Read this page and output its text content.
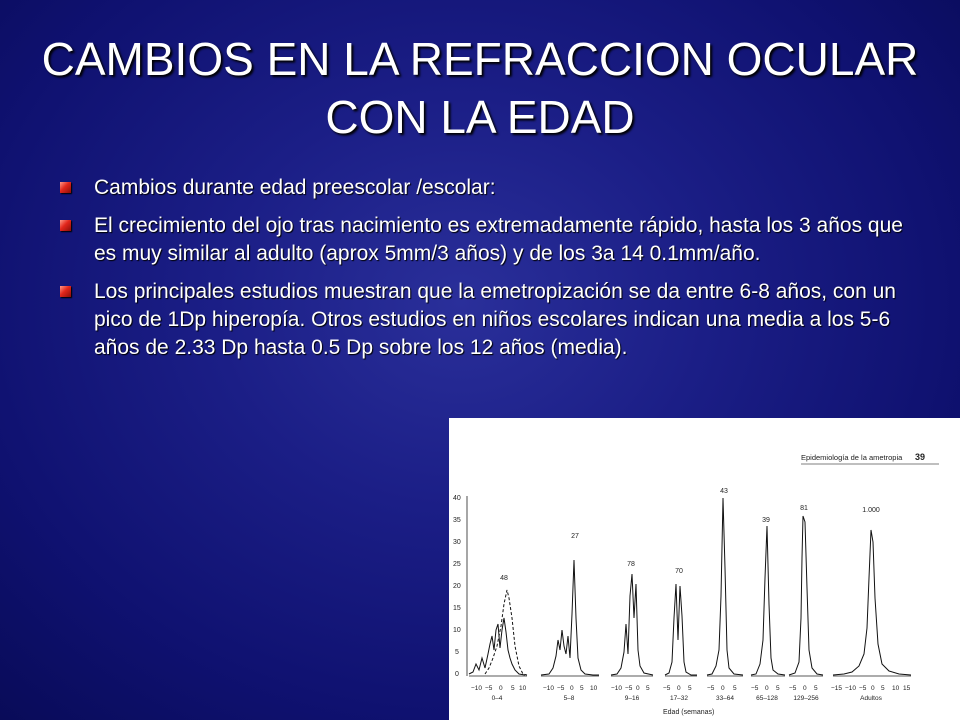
CAMBIOS EN LA REFRACCION OCULAR CON LA EDAD
Cambios durante edad preescolar /escolar:
El crecimiento del ojo tras nacimiento es extremadamente rápido, hasta los 3 años que es muy similar al adulto (aprox 5mm/3 años) y de los 3a 14 0.1mm/año.
Los principales estudios muestran que la emetropización se da entre 6-8 años, con un pico de 1Dp hiperopía. Otros estudios en niños escolares indican una media a los 5-6 años de 2.33 Dp hasta 0.5 Dp sobre los 12 años (media).
Epidemiología de la ametropia 39
40
35
30
25
20
15
10
5
0
48
−10 −5 0 5 10
0–4
27
−10 −5 0 5 10
5–8
78
−10 −5 0 5
9–16
70
−5 0 5
17–32
43
−5 0 5
33–64
39
−5 0 5
65–128
81
−5 0 5
129–256
1.000
−15 −10 −5 0 5 10 15
Adultos
Edad (semanas)
